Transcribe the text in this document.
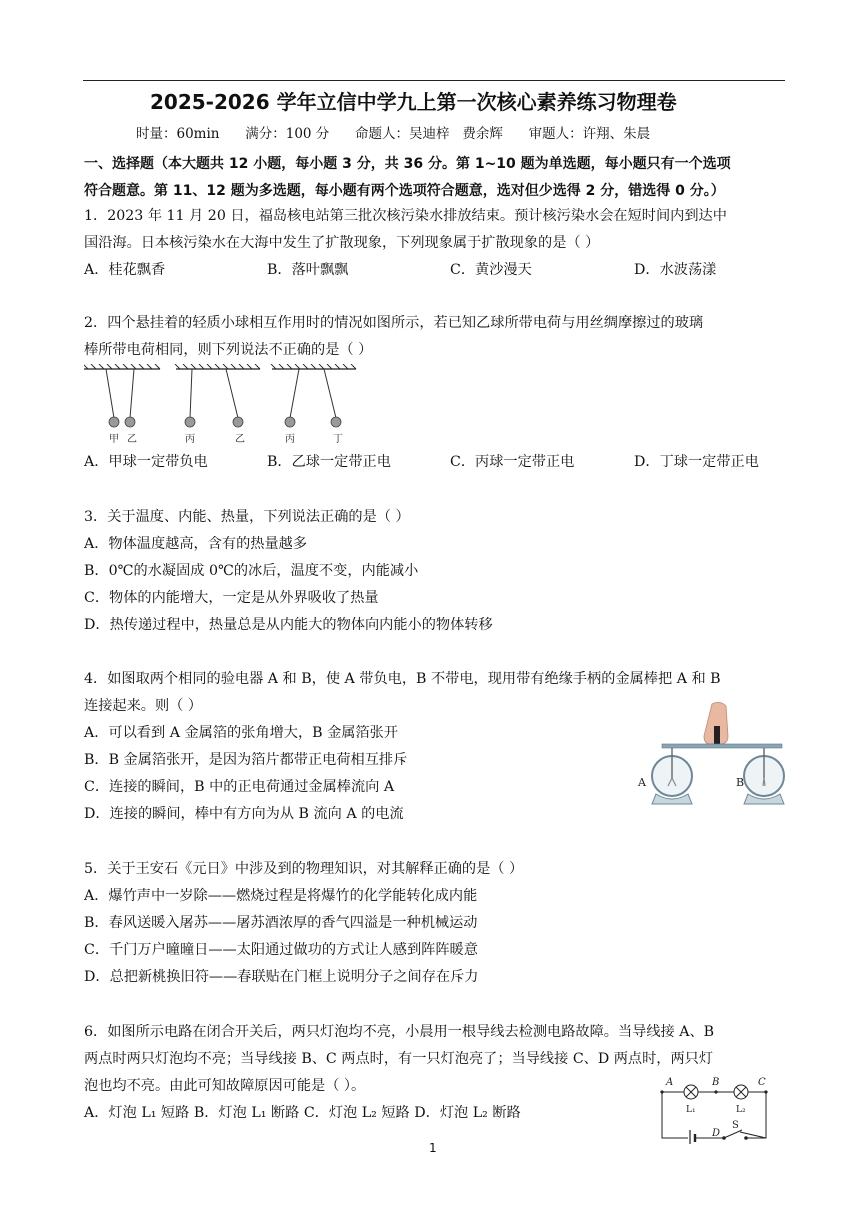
2025-2026 学年立信中学九上第一次核心素养练习物理卷
时量：60min      满分：100 分      命题人：吴迪梓   费余辉      审题人：许翔、朱晨
一、选择题（本大题共 12 小题，每小题 3 分，共 36 分。第 1~10 题为单选题，每小题只有一个选项
符合题意。第 11、12 题为多选题，每小题有两个选项符合题意，选对但少选得 2 分，错选得 0 分。）
1．2023 年 11 月 20 日，福岛核电站第三批次核污染水排放结束。预计核污染水会在短时间内到达中
国沿海。日本核污染水在大海中发生了扩散现象，下列现象属于扩散现象的是（ ）
A．桂花飘香	B．落叶飘飘	C．黄沙漫天	D．水波荡漾
2．四个悬挂着的轻质小球相互作用时的情况如图所示，若已知乙球所带电荷与用丝绸摩擦过的玻璃
棒所带电荷相同，则下列说法不正确的是（ ）
甲 乙	丙	乙	丙	丁
A．甲球一定带负电	B．乙球一定带正电	C．丙球一定带正电	D．丁球一定带正电
3．关于温度、内能、热量，下列说法正确的是（ ）
A．物体温度越高，含有的热量越多
B．0℃的水凝固成 0℃的冰后，温度不变，内能减小
C．物体的内能增大，一定是从外界吸收了热量
D．热传递过程中，热量总是从内能大的物体向内能小的物体转移
4．如图取两个相同的验电器 A 和 B，使 A 带负电，B 不带电，现用带有绝缘手柄的金属棒把 A 和 B
连接起来。则（ ）
A．可以看到 A 金属箔的张角增大，B 金属箔张开
B．B 金属箔张开，是因为箔片都带正电荷相互排斥
C．连接的瞬间，B 中的正电荷通过金属棒流向 A
D．连接的瞬间，棒中有方向为从 B 流向 A 的电流
A	B
5．关于王安石《元日》中涉及到的物理知识，对其解释正确的是（ ）
A．爆竹声中一岁除——燃烧过程是将爆竹的化学能转化成内能
B．春风送暖入屠苏——屠苏酒浓厚的香气四溢是一种机械运动
C．千门万户曈曈日——太阳通过做功的方式让人感到阵阵暖意
D．总把新桃换旧符——春联贴在门框上说明分子之间存在斥力
6．如图所示电路在闭合开关后，两只灯泡均不亮，小晨用一根导线去检测电路故障。当导线接 A、B
两点时两只灯泡均不亮；当导线接 B、C 两点时，有一只灯泡亮了；当导线接 C、D 两点时，两只灯
泡也均不亮。由此可知故障原因可能是（ ）。
A．灯泡 L₁ 短路 B．灯泡 L₁ 断路 C．灯泡 L₂ 短路 D．灯泡 L₂ 断路
A	B	C
D
S
L₁	L₂
1
